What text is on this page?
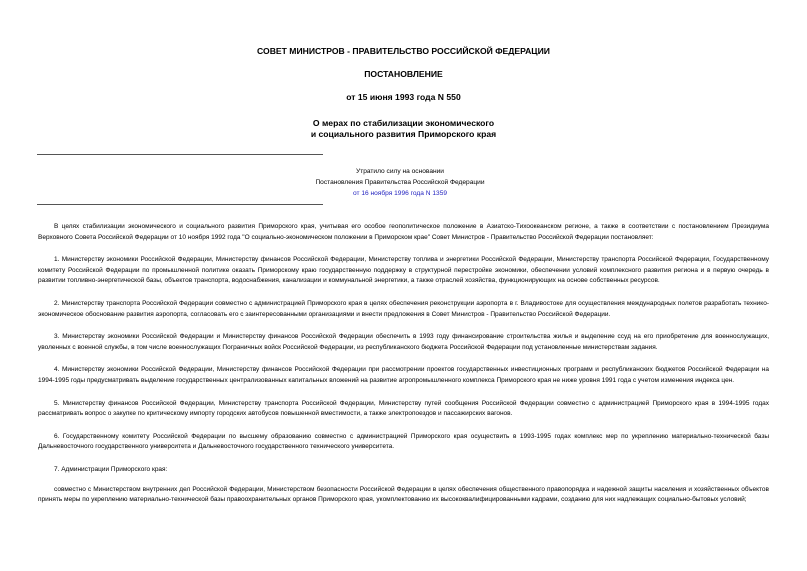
СОВЕТ МИНИСТРОВ - ПРАВИТЕЛЬСТВО РОССИЙСКОЙ ФЕДЕРАЦИИ
ПОСТАНОВЛЕНИЕ
от 15 июня 1993 года N 550
О мерах по стабилизации экономического
и социального развития Приморского края
Утратило силу на основании
Постановления Правительства Российской Федерации
от 16 ноября 1996 года N 1359

В целях стабилизации экономического и социального развития Приморского края, учитывая его особое геополитическое положение в Азиатско-Тихоокеанском регионе, а также в соответствии с постановлением Президиума Верховного Совета Российской Федерации от 10 ноября 1992 года "О социально-экономическом положении в Приморском крае" Совет Министров - Правительство Российской Федерации постановляет:

1. Министерству экономики Российской Федерации, Министерству финансов Российской Федерации, Министерству топлива и энергетики Российской Федерации, Министерству транспорта Российской Федерации, Государственному комитету Российской Федерации по промышленной политике оказать Приморскому краю государственную поддержку в структурной перестройке экономики, обеспечении условий комплексного развития региона и в первую очередь в развитии топливно-энергетической базы, объектов транспорта, водоснабжения, канализации и коммунальной энергетики, а также отраслей хозяйства, функционирующих на основе собственных ресурсов.

2. Министерству транспорта Российской Федерации совместно с администрацией Приморского края в целях обеспечения реконструкции аэропорта в г. Владивостоке для осуществления международных полетов разработать технико-экономическое обоснование развития аэропорта, согласовать его с заинтересованными организациями и внести предложения в Совет Министров - Правительство Российской Федерации.

3. Министерству экономики Российской Федерации и Министерству финансов Российской Федерации обеспечить в 1993 году финансирование строительства жилья и выделение ссуд на его приобретение для военнослужащих, уволенных с военной службы, в том числе военнослужащих Пограничных войск Российской Федерации, из республиканского бюджета Российской Федерации под установленные министерствам задания.

4. Министерству экономики Российской Федерации, Министерству финансов Российской Федерации при рассмотрении проектов государственных инвестиционных программ и республиканских бюджетов Российской Федерации на 1994-1995 годы предусматривать выделение государственных централизованных капитальных вложений на развитие агропромышленного комплекса Приморского края не ниже уровня 1991 года с учетом изменения индекса цен.

5. Министерству финансов Российской Федерации, Министерству транспорта Российской Федерации, Министерству путей сообщения Российской Федерации совместно с администрацией Приморского края в 1994-1995 годах рассматривать вопрос о закупке по критическому импорту городских автобусов повышенной вместимости, а также электропоездов и пассажирских вагонов.

6. Государственному комитету Российской Федерации по высшему образованию совместно с администрацией Приморского края осуществить в 1993-1995 годах комплекс мер по укреплению материально-технической базы Дальневосточного государственного университета и Дальневосточного государственного технического университета.

7. Администрации Приморского края:

совместно с Министерством внутренних дел Российской Федерации, Министерством безопасности Российской Федерации в целях обеспечения общественного правопорядка и надежной защиты населения и хозяйственных объектов принять меры по укреплению материально-технической базы правоохранительных органов Приморского края, укомплектованию их высококвалифицированными кадрами, созданию для них надлежащих социально-бытовых условий;
